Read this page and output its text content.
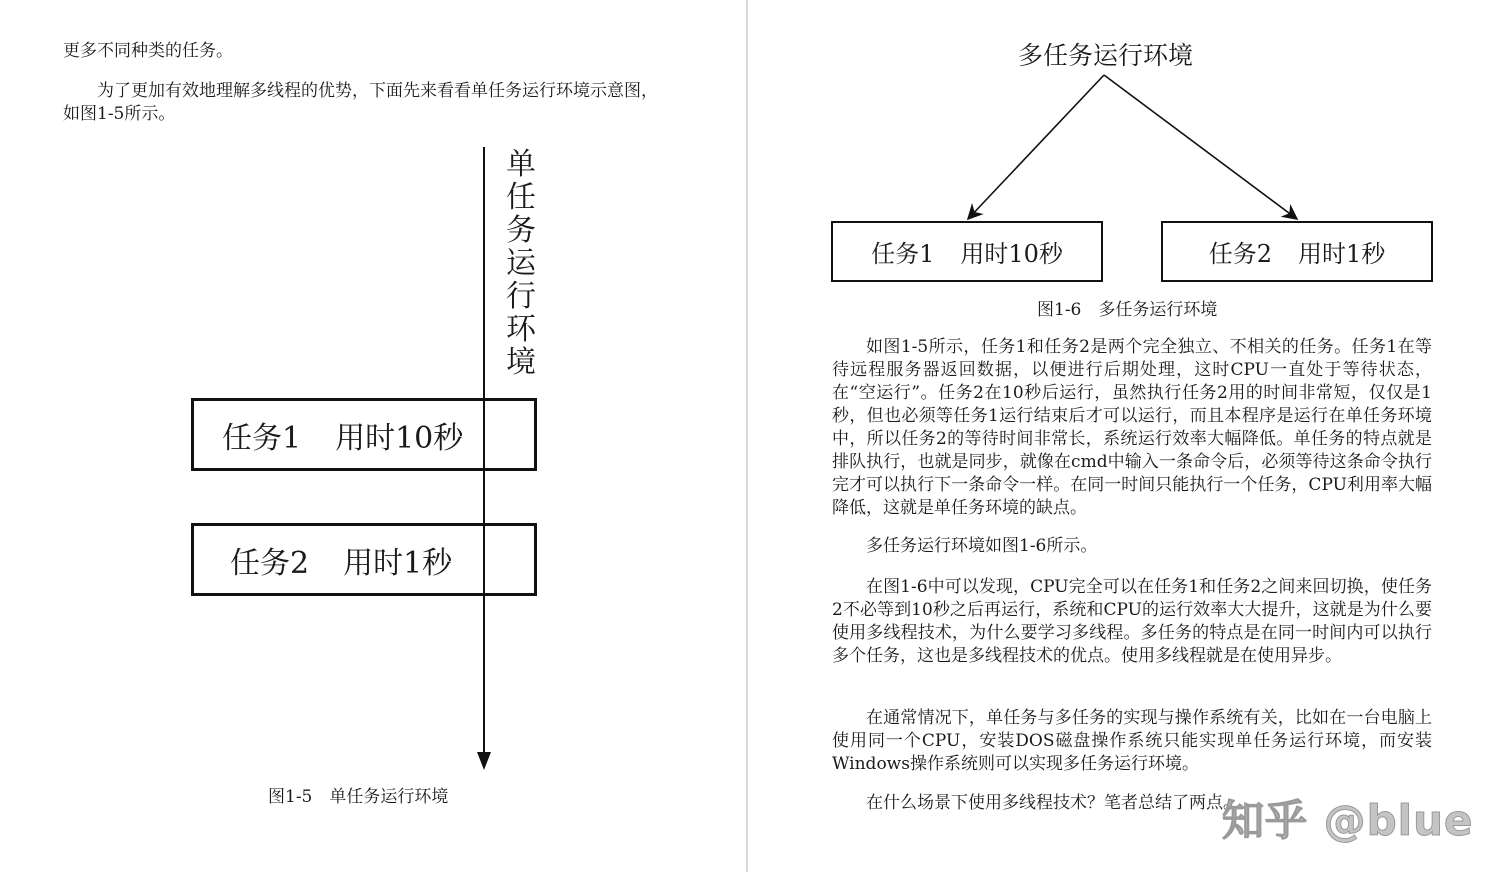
更多不同种类的任务。

为了更加有效地理解多线程的优势，下面先来看看单任务运行环境示意图，如图1-5所示。

单任务运行环境
任务1 用时10秒
任务2 用时1秒
图1-5　单任务运行环境
多任务运行环境
任务1 用时10秒	任务2 用时1秒
图1-6　多任务运行环境

如图1-5所示，任务1和任务2是两个完全独立、不相关的任务。任务1在等待远程服务器返回数据，以便进行后期处理，这时CPU一直处于等待状态，在“空运行”。任务2在10秒后运行，虽然执行任务2用的时间非常短，仅仅是1秒，但也必须等任务1运行结束后才可以运行，而且本程序是运行在单任务环境中，所以任务2的等待时间非常长，系统运行效率大幅降低。单任务的特点就是排队执行，也就是同步，就像在cmd中输入一条命令后，必须等待这条命令执行完才可以执行下一条命令一样。在同一时间只能执行一个任务，CPU利用率大幅降低，这就是单任务环境的缺点。

多任务运行环境如图1-6所示。

在图1-6中可以发现，CPU完全可以在任务1和任务2之间来回切换，使任务2不必等到10秒之后再运行，系统和CPU的运行效率大大提升，这就是为什么要使用多线程技术，为什么要学习多线程。多任务的特点是在同一时间内可以执行多个任务，这也是多线程技术的优点。使用多线程就是在使用异步。

在通常情况下，单任务与多任务的实现与操作系统有关，比如在一台电脑上使用同一个CPU，安装DOS磁盘操作系统只能实现单任务运行环境，而安装Windows操作系统则可以实现多任务运行环境。

在什么场景下使用多线程技术？笔者总结了两点。

知乎 @blue
